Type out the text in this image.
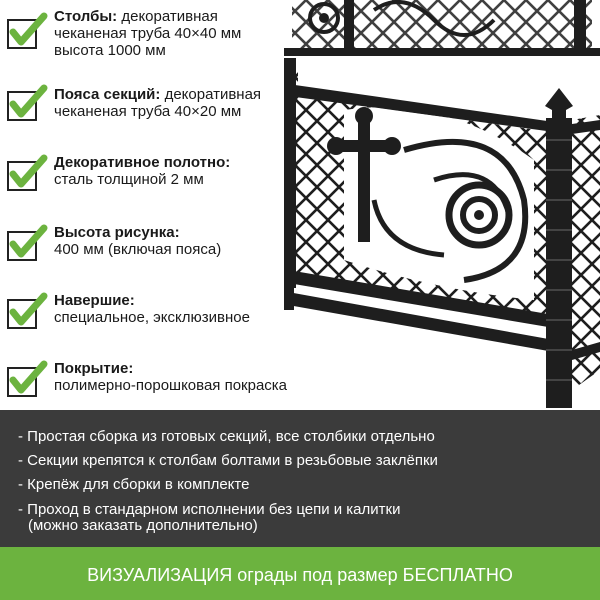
Столбы: декоративная
чеканеная труба 40×40 мм
высота 1000 мм
Пояса секций: декоративная
чеканеная труба 40×20 мм
Декоративное полотно:
сталь толщиной 2 мм
Высота рисунка:
400 мм (включая пояса)
Навершие:
специальное, эксклюзивное
Покрытие:
полимерно-порошковая покраска
- Простая сборка из готовых секций, все столбики отдельно
- Секции крепятся к столбам болтами в резьбовые заклёпки
- Крепёж для сборки в комплекте
- Проход в стандарном исполнении без цепи и калитки
(можно заказать дополнительно)
ВИЗУАЛИЗАЦИЯ ограды под размер БЕСПЛАТНО
